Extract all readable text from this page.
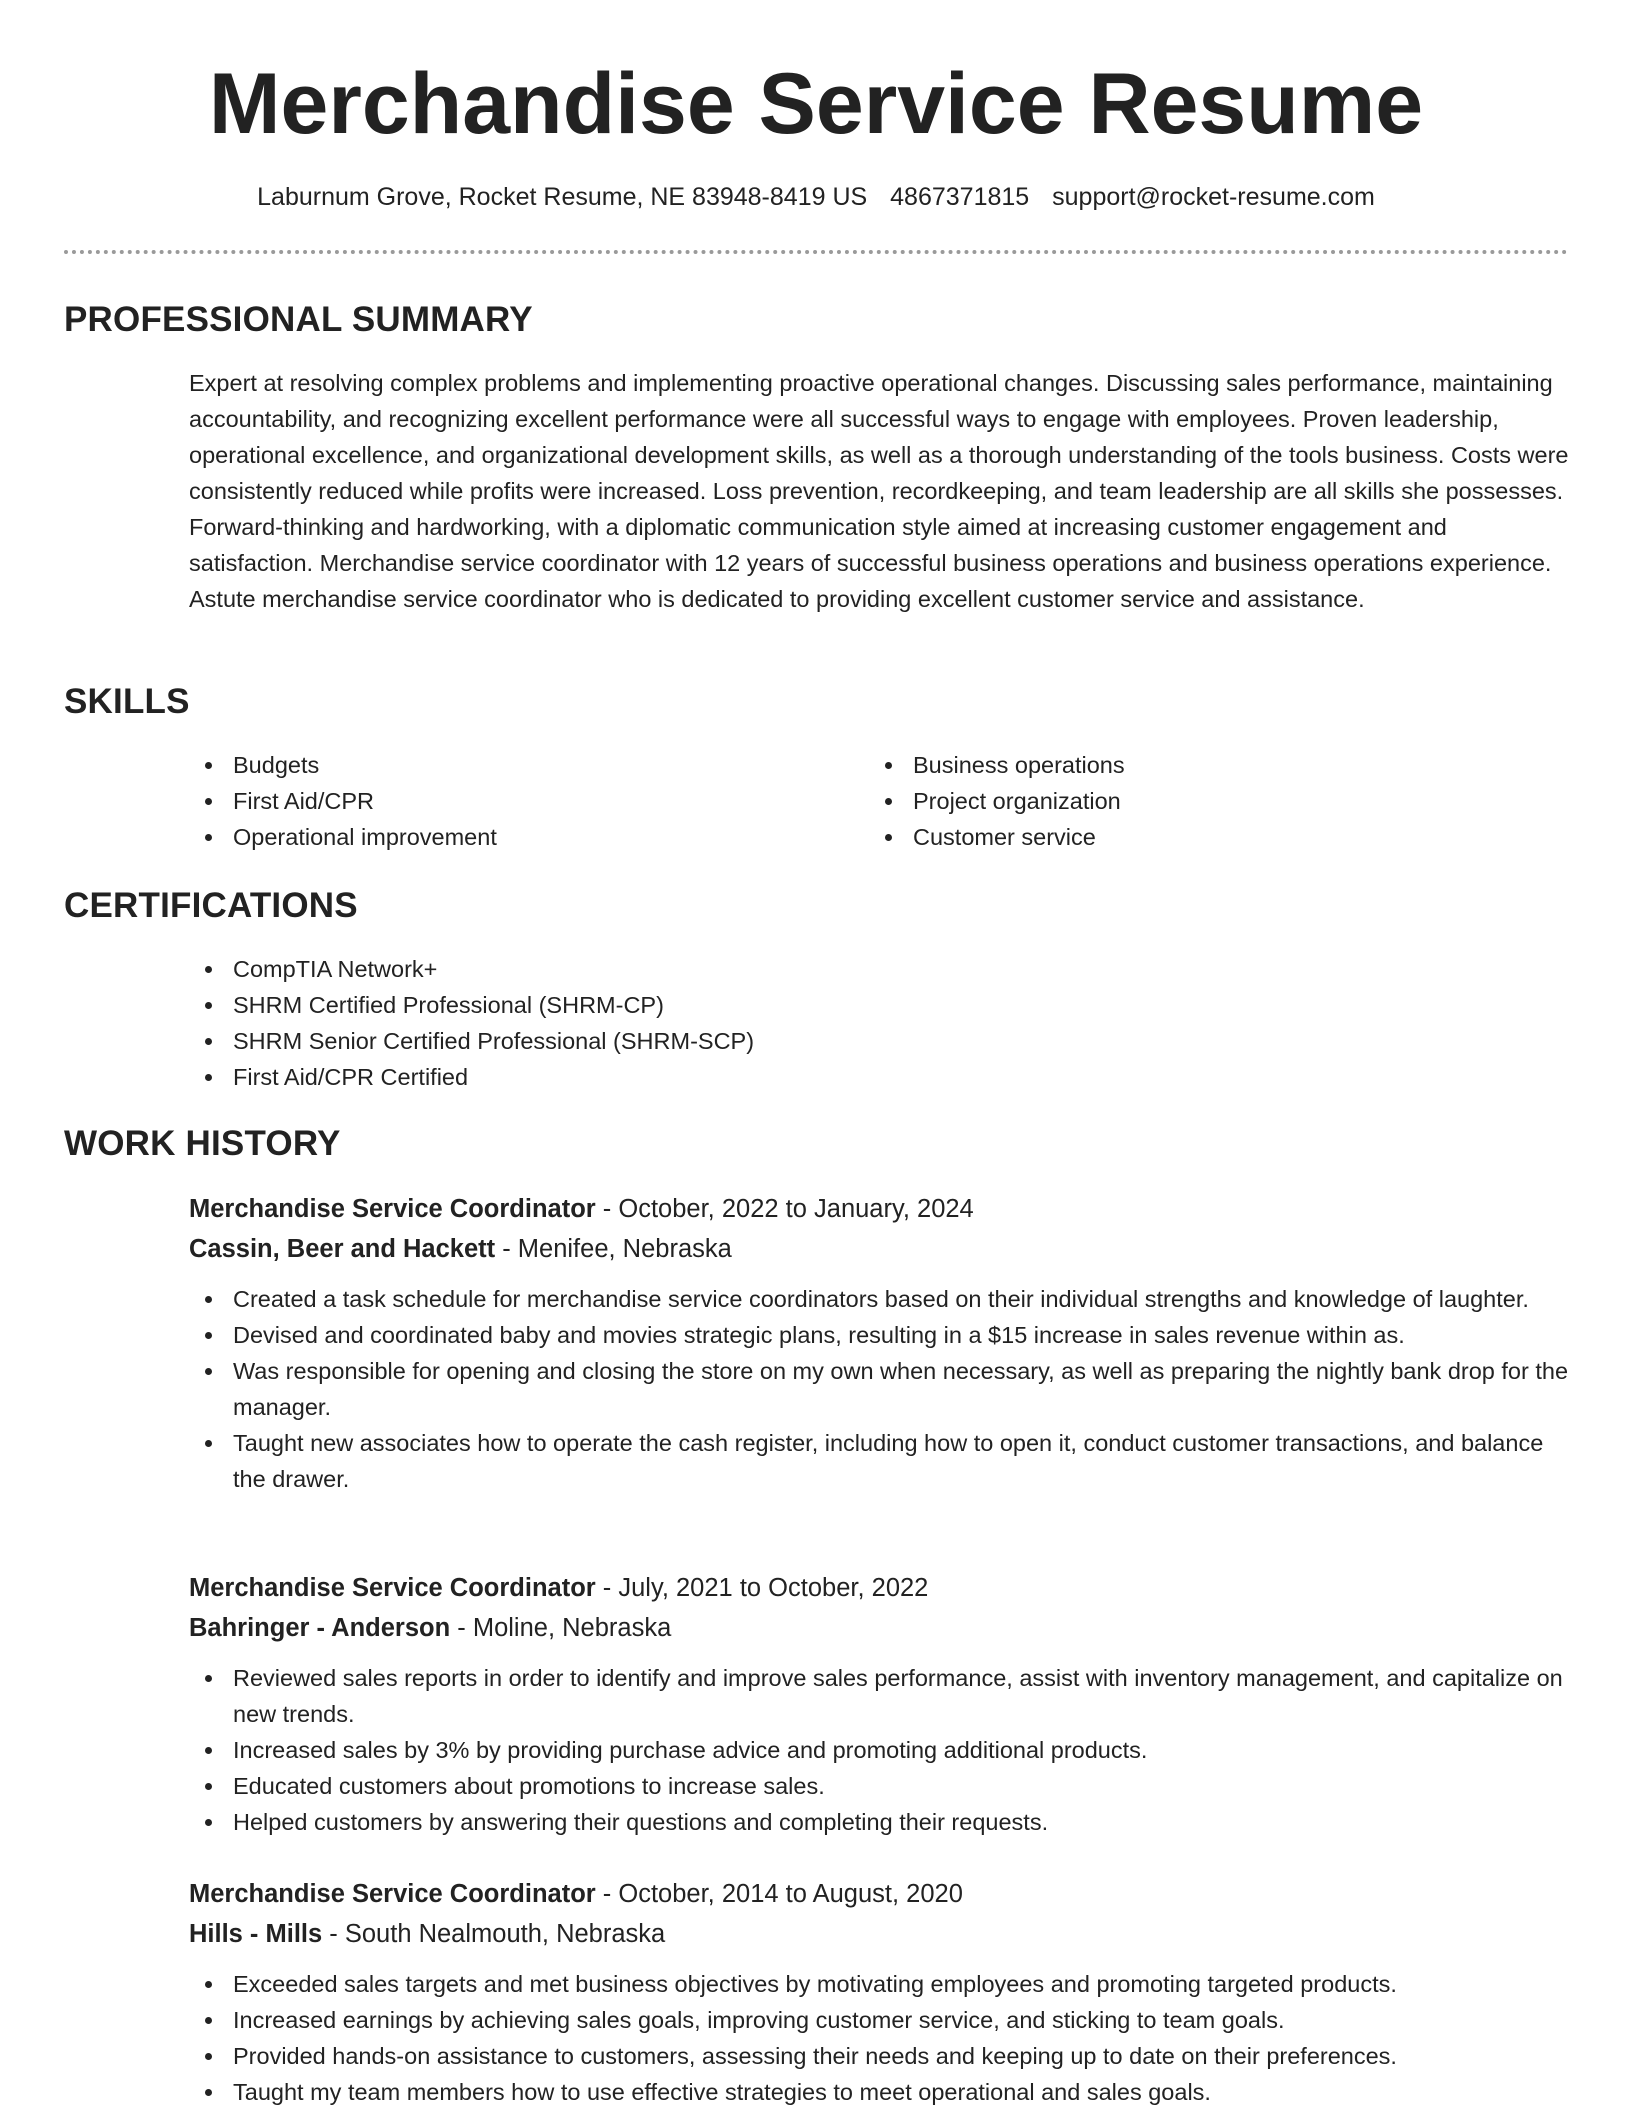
Merchandise Service Resume
Laburnum Grove, Rocket Resume, NE 83948-8419 US 4867371815 support@rocket-resume.com
PROFESSIONAL SUMMARY

Expert at resolving complex problems and implementing proactive operational changes. Discussing sales performance, maintaining accountability, and recognizing excellent performance were all successful ways to engage with employees. Proven leadership, operational excellence, and organizational development skills, as well as a thorough understanding of the tools business. Costs were consistently reduced while profits were increased. Loss prevention, recordkeeping, and team leadership are all skills she possesses. Forward-thinking and hardworking, with a diplomatic communication style aimed at increasing customer engagement and satisfaction. Merchandise service coordinator with 12 years of successful business operations and business operations experience. Astute merchandise service coordinator who is dedicated to providing excellent customer service and assistance.

SKILLS
Budgets
First Aid/CPR
Operational improvement
Business operations
Project organization
Customer service
CERTIFICATIONS
CompTIA Network+
SHRM Certified Professional (SHRM-CP)
SHRM Senior Certified Professional (SHRM-SCP)
First Aid/CPR Certified
WORK HISTORY
Merchandise Service Coordinator - October, 2022 to January, 2024
Cassin, Beer and Hackett - Menifee, Nebraska
Created a task schedule for merchandise service coordinators based on their individual strengths and knowledge of laughter.
Devised and coordinated baby and movies strategic plans, resulting in a $15 increase in sales revenue within as.
Was responsible for opening and closing the store on my own when necessary, as well as preparing the nightly bank drop for the manager.
Taught new associates how to operate the cash register, including how to open it, conduct customer transactions, and balance the drawer.
Merchandise Service Coordinator - July, 2021 to October, 2022
Bahringer - Anderson - Moline, Nebraska
Reviewed sales reports in order to identify and improve sales performance, assist with inventory management, and capitalize on new trends.
Increased sales by 3% by providing purchase advice and promoting additional products.
Educated customers about promotions to increase sales.
Helped customers by answering their questions and completing their requests.
Merchandise Service Coordinator - October, 2014 to August, 2020
Hills - Mills - South Nealmouth, Nebraska
Exceeded sales targets and met business objectives by motivating employees and promoting targeted products.
Increased earnings by achieving sales goals, improving customer service, and sticking to team goals.
Provided hands-on assistance to customers, assessing their needs and keeping up to date on their preferences.
Taught my team members how to use effective strategies to meet operational and sales goals.
